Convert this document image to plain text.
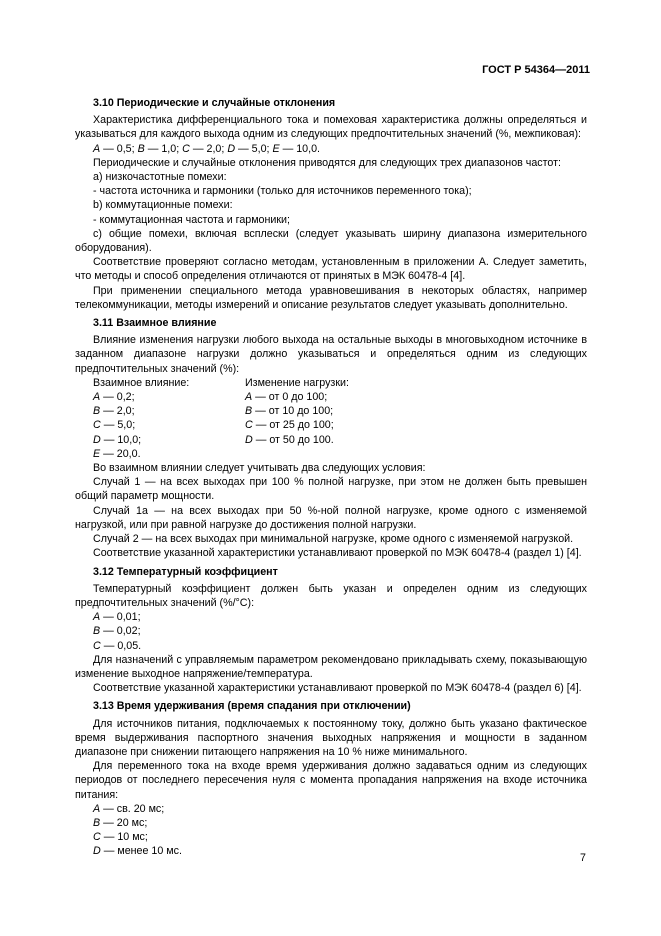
ГОСТ Р 54364—2011
3.10 Периодические и случайные отклонения

Характеристика дифференциального тока и помеховая характеристика должны определяться и указываться для каждого выхода одним из следующих предпочтительных значений (%, межпиковая):

A — 0,5; B — 1,0; C — 2,0; D — 5,0; E — 10,0.

Периодические и случайные отклонения приводятся для следующих трех диапазонов частот:

а) низкочастотные помехи:

- частота источника и гармоники (только для источников переменного тока);

b) коммутационные помехи:

- коммутационная частота и гармоники;

с) общие помехи, включая всплески (следует указывать ширину диапазона измерительного оборудования).

Соответствие проверяют согласно методам, установленным в приложении А. Следует заметить, что методы и способ определения отличаются от принятых в МЭК 60478-4 [4].

При применении специального метода уравновешивания в некоторых областях, например телекоммуникации, методы измерений и описание результатов следует указывать дополнительно.

3.11 Взаимное влияние

Влияние изменения нагрузки любого выхода на остальные выходы в многовыходном источнике в заданном диапазоне нагрузки должно указываться и определяться одним из следующих предпочтительных значений (%):

Взаимное влияние:	Изменение нагрузки:
A — 0,2;	A — от 0 до 100;
B — 2,0;	B — от 10 до 100;
C — 5,0;	C — от 25 до 100;
D — 10,0;	D — от 50 до 100.
E — 20,0.

Во взаимном влиянии следует учитывать два следующих условия:

Случай 1 — на всех выходах при 100 % полной нагрузке, при этом не должен быть превышен общий параметр мощности.

Случай 1а — на всех выходах при 50 %-ной полной нагрузке, кроме одного с изменяемой нагрузкой, или при равной нагрузке до достижения полной нагрузки.

Случай 2 — на всех выходах при минимальной нагрузке, кроме одного с изменяемой нагрузкой.

Соответствие указанной характеристики устанавливают проверкой по МЭК 60478-4 (раздел 1) [4].

3.12 Температурный коэффициент

Температурный коэффициент должен быть указан и определен одним из следующих предпочтительных значений (%/°С):

A — 0,01;

B — 0,02;

C — 0,05.

Для назначений с управляемым параметром рекомендовано прикладывать схему, показывающую изменение выходное напряжение/температура.

Соответствие указанной характеристики устанавливают проверкой по МЭК 60478-4 (раздел 6) [4].

3.13 Время удерживания (время спадания при отключении)

Для источников питания, подключаемых к постоянному току, должно быть указано фактическое время выдерживания паспортного значения выходных напряжения и мощности в заданном диапазоне при снижении питающего напряжения на 10 % ниже минимального.

Для переменного тока на входе время удерживания должно задаваться одним из следующих периодов от последнего пересечения нуля с момента пропадания напряжения на входе источника питания:

A — св. 20 мс;

B — 20 мс;

C — 10 мс;

D — менее 10 мс.

7
